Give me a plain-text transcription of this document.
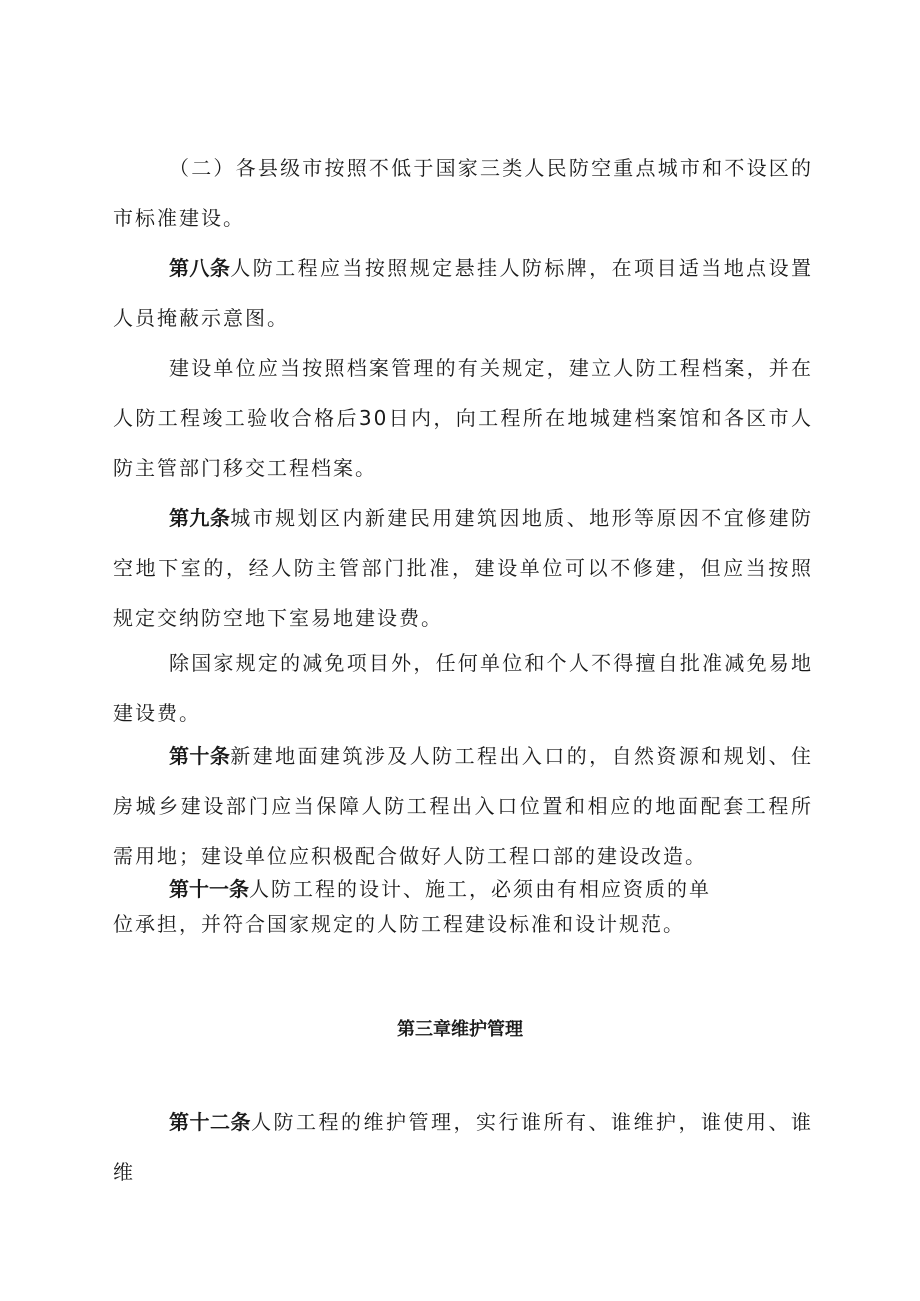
（二）各县级市按照不低于国家三类人民防空重点城市和不设区的市标准建设。

第八条人防工程应当按照规定悬挂人防标牌，在项目适当地点设置人员掩蔽示意图。

建设单位应当按照档案管理的有关规定，建立人防工程档案，并在人防工程竣工验收合格后30日内，向工程所在地城建档案馆和各区市人防主管部门移交工程档案。

第九条城市规划区内新建民用建筑因地质、地形等原因不宜修建防空地下室的，经人防主管部门批准，建设单位可以不修建，但应当按照规定交纳防空地下室易地建设费。

除国家规定的减免项目外，任何单位和个人不得擅自批准减免易地建设费。

第十条新建地面建筑涉及人防工程出入口的，自然资源和规划、住房城乡建设部门应当保障人防工程出入口位置和相应的地面配套工程所需用地；建设单位应积极配合做好人防工程口部的建设改造。

第十一条人防工程的设计、施工，必须由有相应资质的单

位承担，并符合国家规定的人防工程建设标准和设计规范。

第三章维护管理

第十二条人防工程的维护管理，实行谁所有、谁维护，谁使用、谁维
